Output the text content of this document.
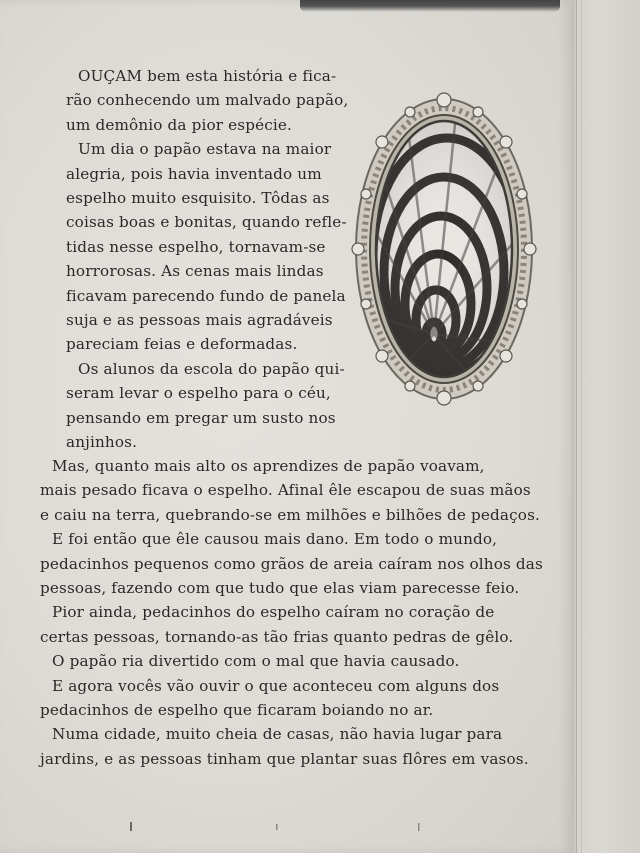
OUÇAM bem esta história e fica-
rão conhecendo um malvado papão,
um demônio da pior espécie.
Um dia o papão estava na maior
alegria, pois havia inventado um
espelho muito esquisito. Tôdas as
coisas boas e bonitas, quando refle-
tidas nesse espelho, tornavam-se
horrorosas. As cenas mais lindas
ficavam parecendo fundo de panela
suja e as pessoas mais agradáveis
pareciam feias e deformadas.
Os alunos da escola do papão qui-
seram levar o espelho para o céu,
pensando em pregar um susto nos
anjinhos.
Mas, quanto mais alto os aprendizes de papão voavam,
mais pesado ficava o espelho. Afinal êle escapou de suas mãos
e caiu na terra, quebrando-se em milhões e bilhões de pedaços.
E foi então que êle causou mais dano. Em todo o mundo,
pedacinhos pequenos como grãos de areia caíram nos olhos das
pessoas, fazendo com que tudo que elas viam parecesse feio.
Pior ainda, pedacinhos do espelho caíram no coração de
certas pessoas, tornando-as tão frias quanto pedras de gêlo.
O papão ria divertido com o mal que havia causado.
E agora vocês vão ouvir o que aconteceu com alguns dos
pedacinhos de espelho que ficaram boiando no ar.
Numa cidade, muito cheia de casas, não havia lugar para
jardins, e as pessoas tinham que plantar suas flôres em vasos.
